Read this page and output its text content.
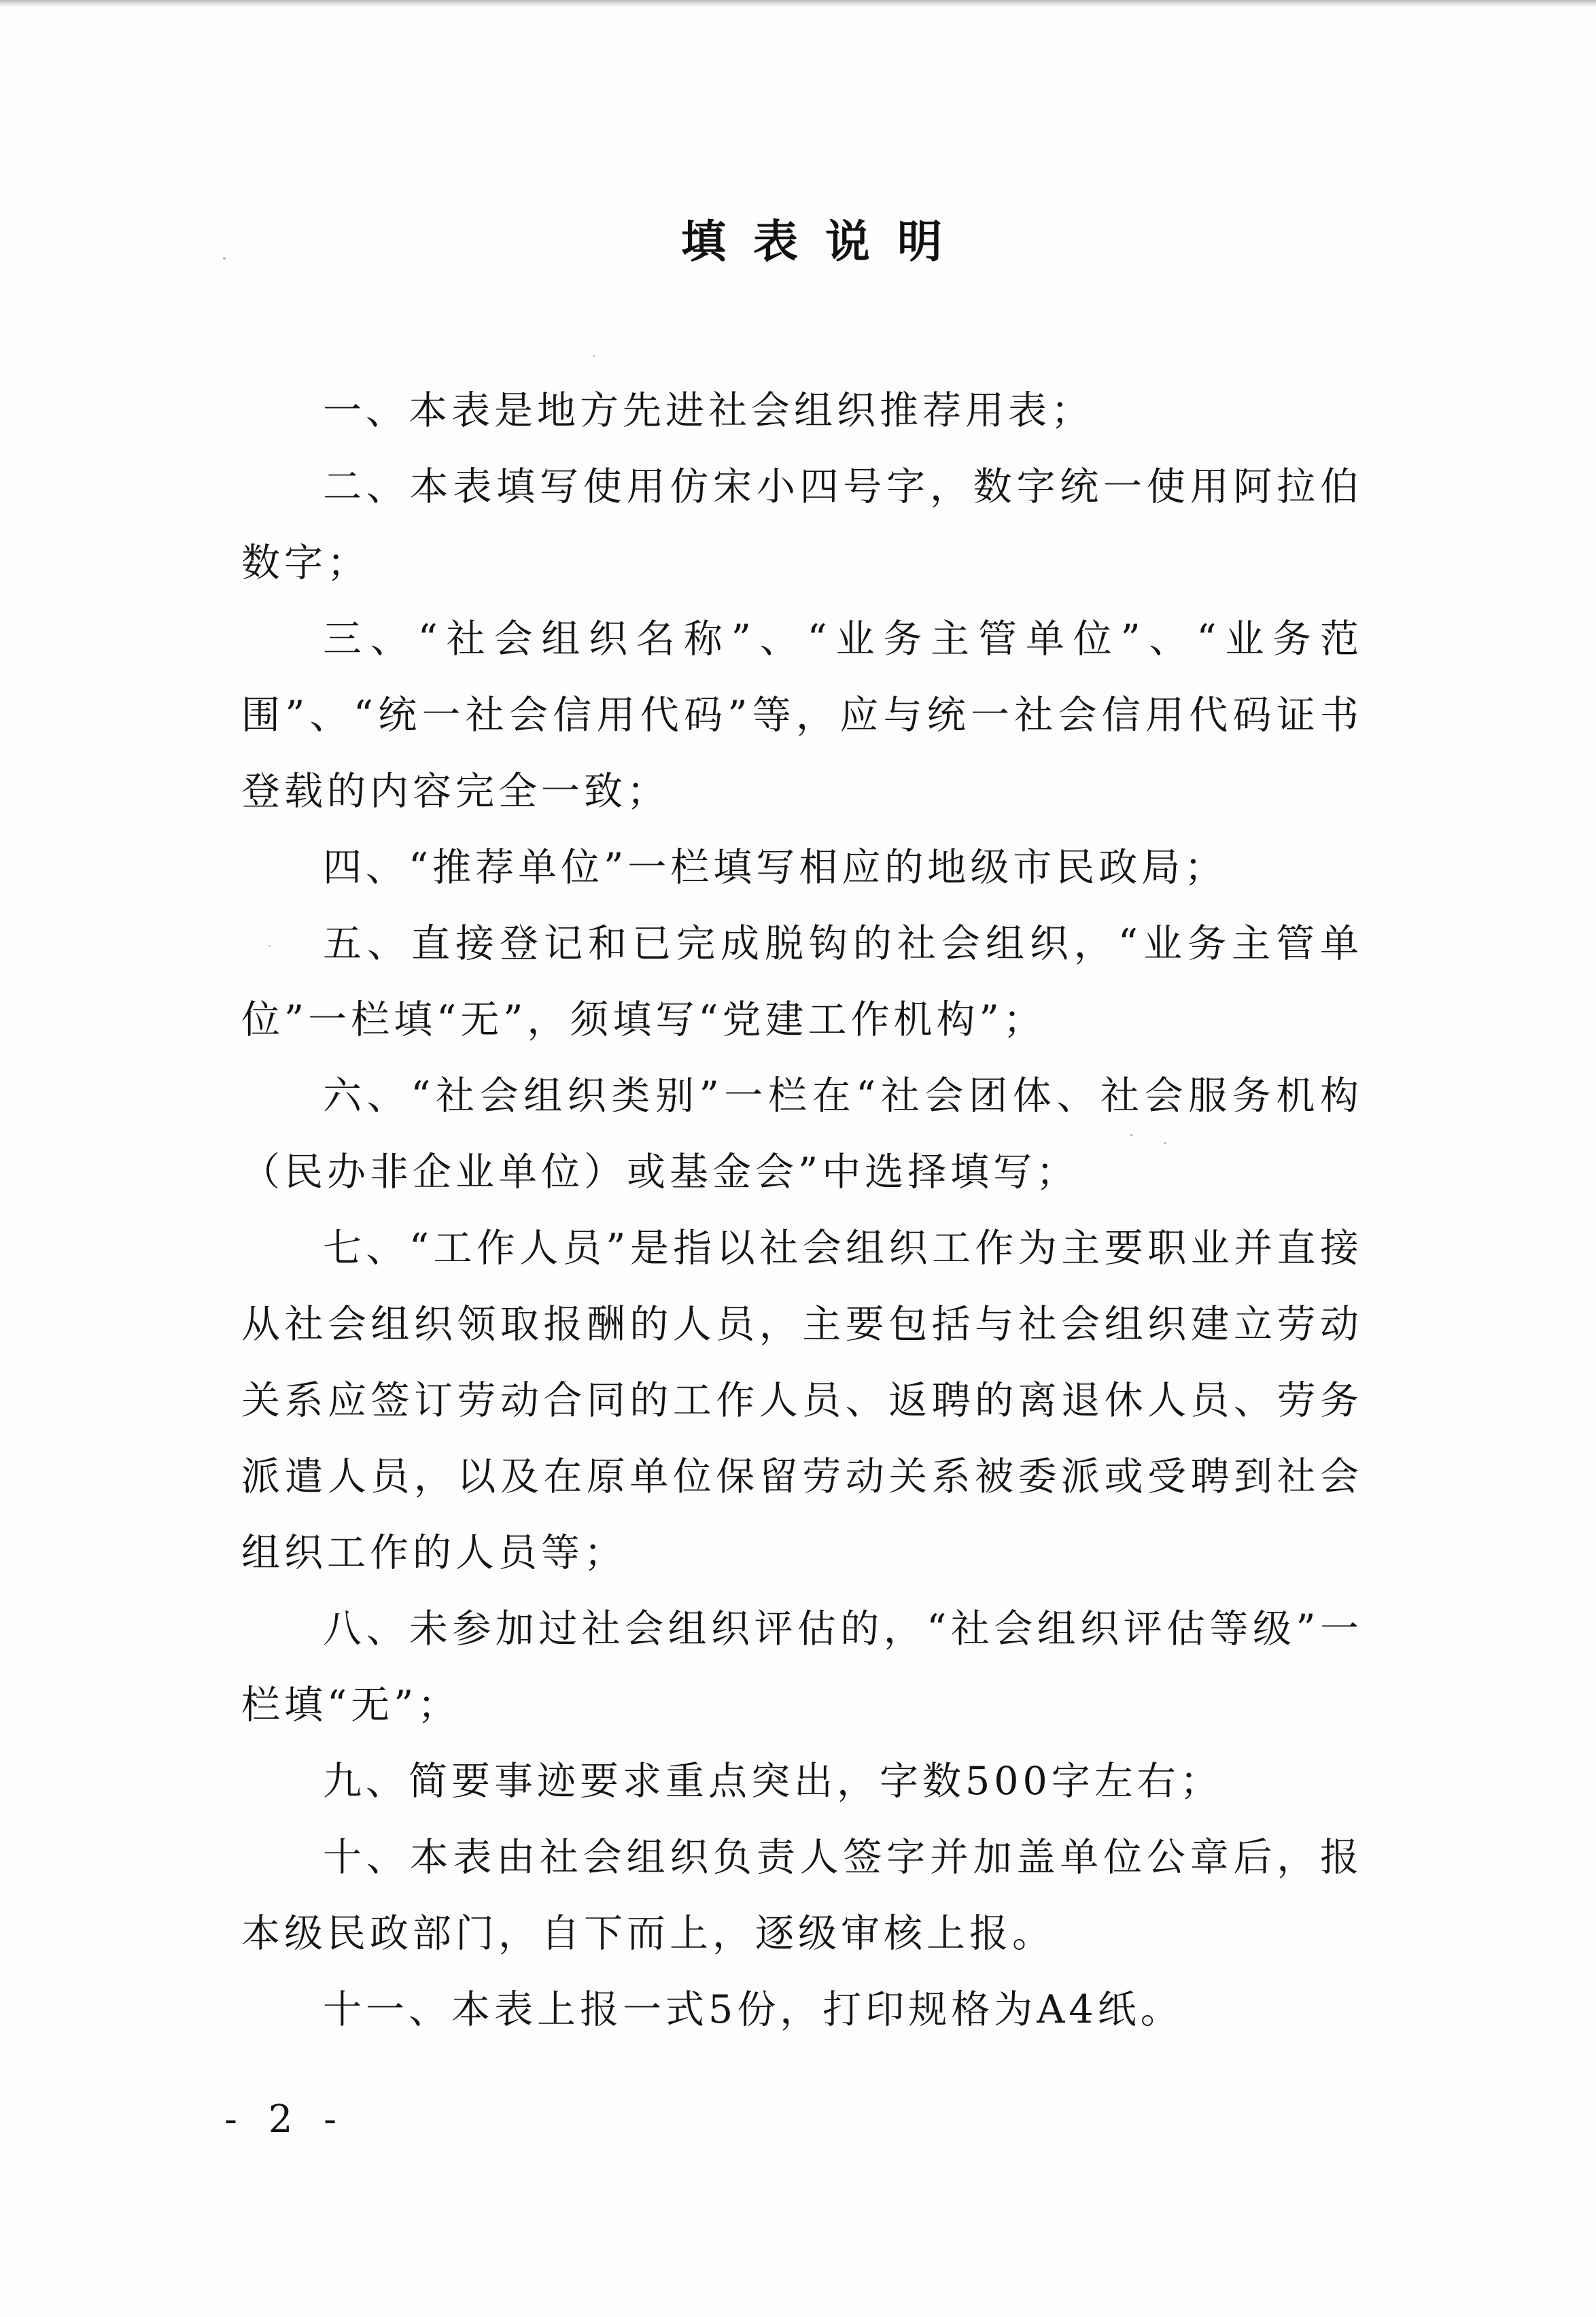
填表说明

一、本表是地方先进社会组织推荐用表；

二、本表填写使用仿宋小四号字，数字统一使用阿拉伯数字；

三、“社会组织名称”、“业务主管单位”、“业务范围”、“统一社会信用代码”等，应与统一社会信用代码证书登载的内容完全一致；

四、“推荐单位”一栏填写相应的地级市民政局；

五、直接登记和已完成脱钩的社会组织，“业务主管单位”一栏填“无”，须填写“党建工作机构”；

六、“社会组织类别”一栏在“社会团体、社会服务机构（民办非企业单位）或基金会”中选择填写；

七、“工作人员”是指以社会组织工作为主要职业并直接从社会组织领取报酬的人员，主要包括与社会组织建立劳动关系应签订劳动合同的工作人员、返聘的离退休人员、劳务派遣人员，以及在原单位保留劳动关系被委派或受聘到社会组织工作的人员等；

八、未参加过社会组织评估的，“社会组织评估等级”一栏填“无”；

九、简要事迹要求重点突出，字数500字左右；

十、本表由社会组织负责人签字并加盖单位公章后，报本级民政部门，自下而上，逐级审核上报。

十一、本表上报一式5份，打印规格为A4纸。

- 2 -
